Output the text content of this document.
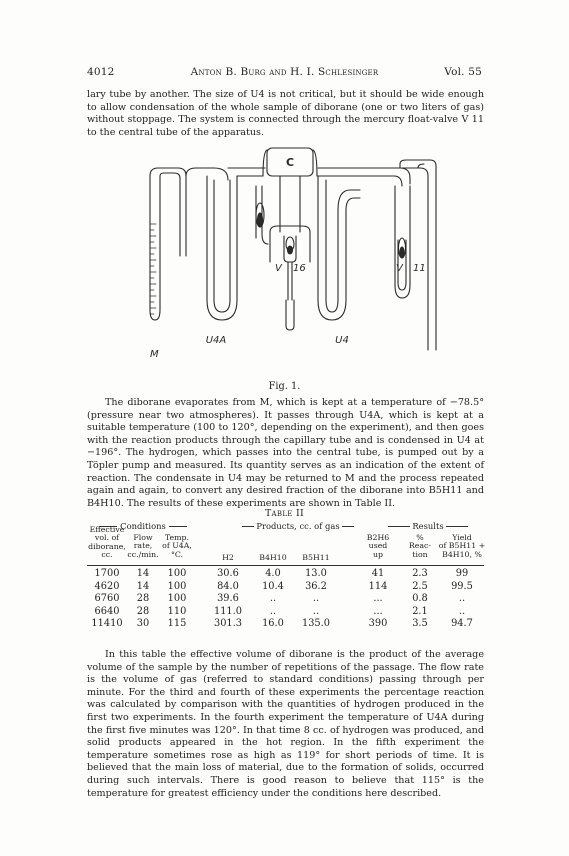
4012	Anton B. Burg and H. I. Schlesinger	Vol. 55
lary tube by another. The size of U4 is not critical, but it should be wide enough to allow condensation of the whole sample of diborane (one or two liters of gas) without stoppage. The system is connected through the mercury float-valve V 11 to the central tube of the apparatus.
C
V 16	V 11
U4A	U4
M
Fig. 1.
The diborane evaporates from M, which is kept at a temperature of −78.5° (pressure near two atmospheres). It passes through U4A, which is kept at a suitable temperature (100 to 120°, depending on the experiment), and then goes with the reaction products through the capillary tube and is condensed in U4 at −196°. The hydrogen, which passes into the central tube, is pumped out by a Töpler pump and measured. Its quantity serves as an indication of the extent of reaction. The condensate in U4 may be returned to M and the process repeated again and again, to convert any desired fraction of the diborane into B5H11 and B4H10. The results of these experiments are shown in Table II.
Table II
Conditions	Products, cc. of gas	Results
Effective
vol. of
diborane,
cc.
Flow
rate,
cc./min.
Temp.
of U4A,
°C.	H2	B4H10	B5H11
B2H6
used
up
%
Reac-
tion
Yield
of B5H11 +
B4H10, %
1700	14	100	30.6	4.0	13.0	41	2.3	99
4620	14	100	84.0	10.4	36.2	114	2.5	99.5
6760	28	100	39.6	..	..	...	0.8	..
6640	28	110	111.0	..	..	...	2.1	..
11410	30	115	301.3	16.0	135.0	390	3.5	94.7
In this table the effective volume of diborane is the product of the average volume of the sample by the number of repetitions of the passage. The flow rate is the volume of gas (referred to standard conditions) passing through per minute. For the third and fourth of these experiments the percentage reaction was calculated by comparison with the quantities of hydrogen produced in the first two experiments. In the fourth experiment the temperature of U4A during the first five minutes was 120°. In that time 8 cc. of hydrogen was produced, and solid products appeared in the hot region. In the fifth experiment the temperature sometimes rose as high as 119° for short periods of time. It is believed that the main loss of material, due to the formation of solids, occurred during such intervals. There is good reason to believe that 115° is the temperature for greatest efficiency under the conditions here described.
